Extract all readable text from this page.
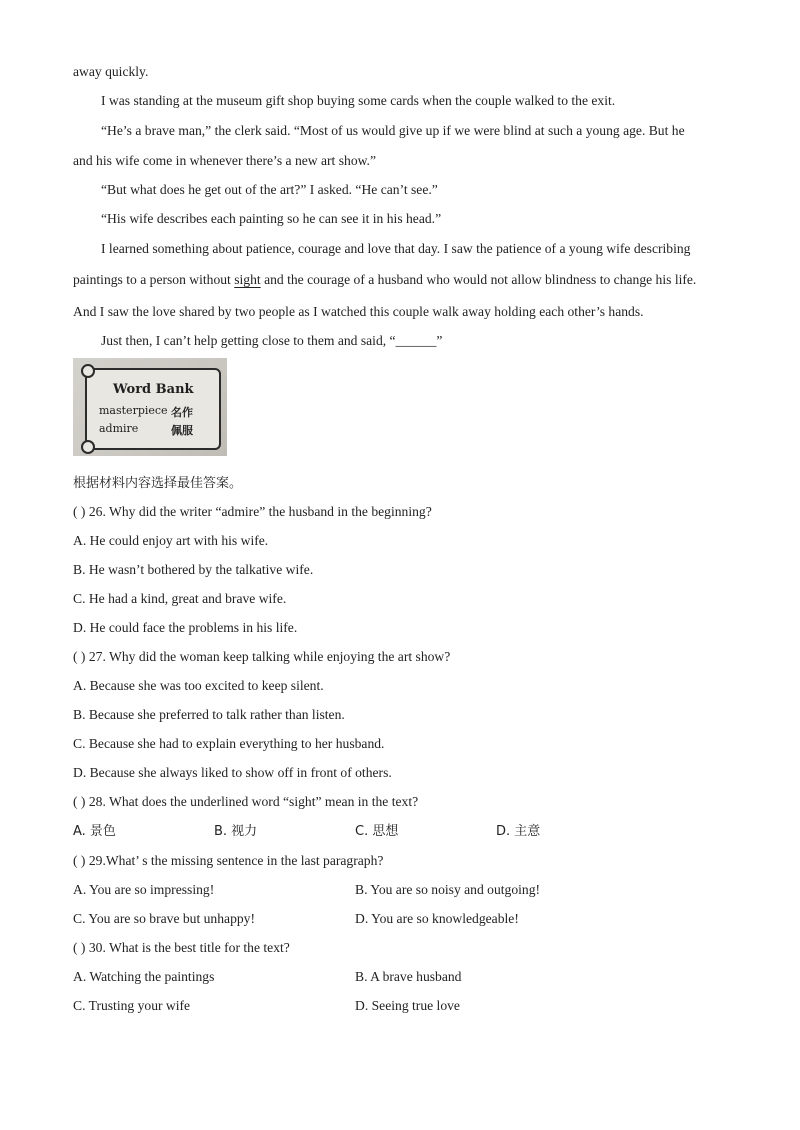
away quickly.
I was standing at the museum gift shop buying some cards when the couple walked to the exit.
“He’s a brave man,” the clerk said. “Most of us would give up if we were blind at such a young age. But he
and his wife come in whenever there’s a new art show.”
“But what does he get out of the art?” I asked. “He can’t see.”
“His wife describes each painting so he can see it in his head.”
I learned something about patience, courage and love that day. I saw the patience of a young wife describing
paintings to a person without sight and the courage of a husband who would not allow blindness to change his life.
And I saw the love shared by two people as I watched this couple walk away holding each other’s hands.
Just then, I can’t help getting close to them and said, “______”
Word Bank
masterpiece 名作
admire	佩服
根据材料内容选择最佳答案。
( ) 26. Why did the writer “admire” the husband in the beginning?
A. He could enjoy art with his wife.
B. He wasn’t bothered by the talkative wife.
C. He had a kind, great and brave wife.
D. He could face the problems in his life.
( ) 27. Why did the woman keep talking while enjoying the art show?
A. Because she was too excited to keep silent.
B. Because she preferred to talk rather than listen.
C. Because she had to explain everything to her husband.
D. Because she always liked to show off in front of others.
( ) 28. What does the underlined word “sight” mean in the text?
A. 景色	B. 视力	C. 思想	D. 主意
( ) 29.What’ s the missing sentence in the last paragraph?
A. You are so impressing!	B. You are so noisy and outgoing!
C. You are so brave but unhappy!	D. You are so knowledgeable!
( ) 30. What is the best title for the text?
A. Watching the paintings	B. A brave husband
C. Trusting your wife	D. Seeing true love
